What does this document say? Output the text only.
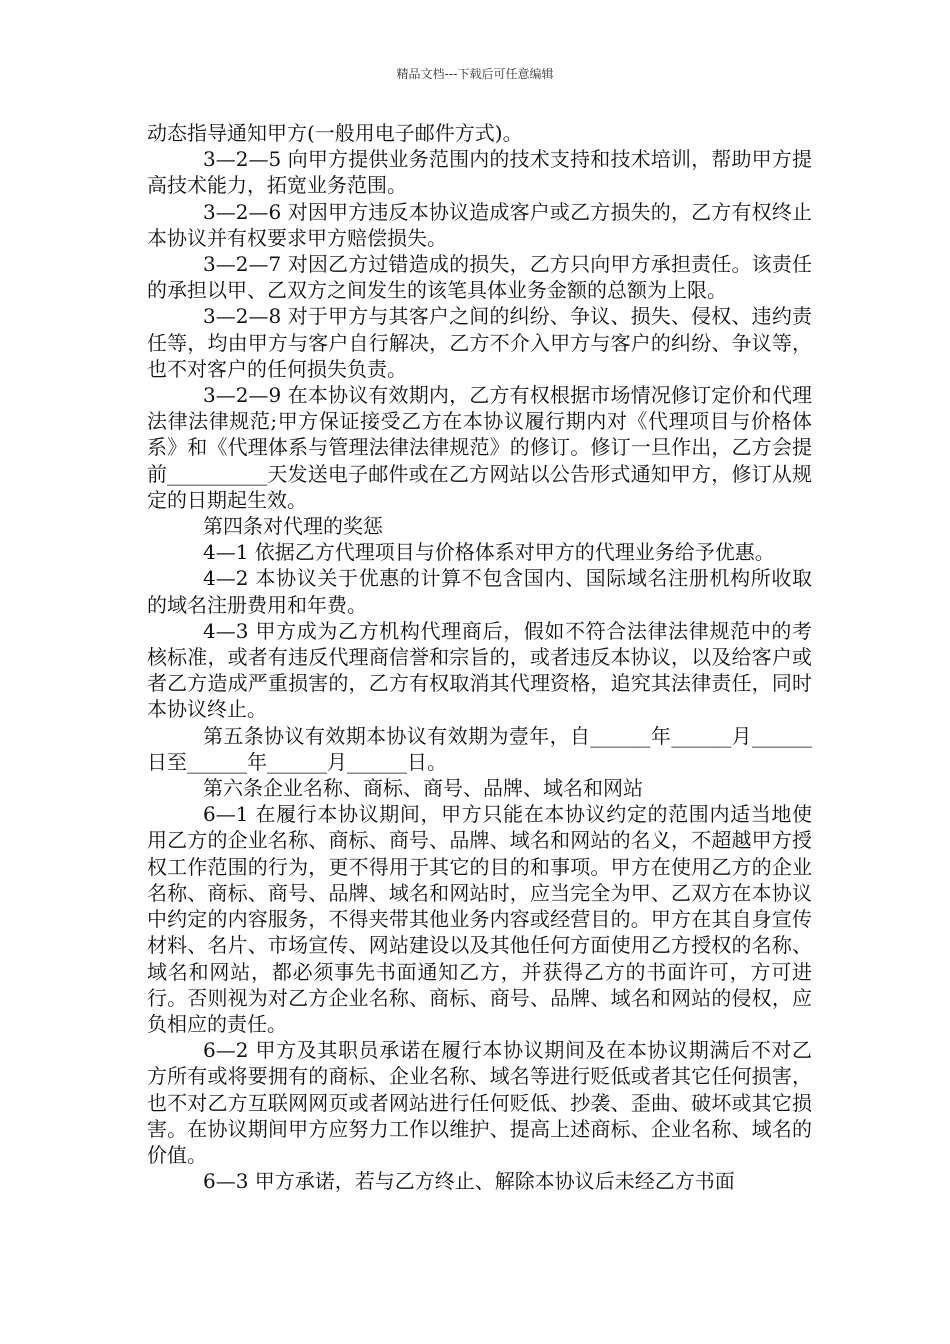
精品文档---下载后可任意编辑

动态指导通知甲方(一般用电子邮件方式)。

3—2—5 向甲方提供业务范围内的技术支持和技术培训，帮助甲方提高技术能力，拓宽业务范围。

3—2—6 对因甲方违反本协议造成客户或乙方损失的，乙方有权终止本协议并有权要求甲方赔偿损失。

3—2—7 对因乙方过错造成的损失，乙方只向甲方承担责任。该责任的承担以甲、乙双方之间发生的该笔具体业务金额的总额为上限。

3—2—8 对于甲方与其客户之间的纠纷、争议、损失、侵权、违约责任等，均由甲方与客户自行解决，乙方不介入甲方与客户的纠纷、争议等，也不对客户的任何损失负责。

3—2—9 在本协议有效期内，乙方有权根据市场情况修订定价和代理法律法律规范;甲方保证接受乙方在本协议履行期内对《代理项目与价格体系》和《代理体系与管理法律法律规范》的修订。修订一旦作出，乙方会提前__________天发送电子邮件或在乙方网站以公告形式通知甲方，修订从规定的日期起生效。

第四条对代理的奖惩

4—1 依据乙方代理项目与价格体系对甲方的代理业务给予优惠。

4—2 本协议关于优惠的计算不包含国内、国际域名注册机构所收取的域名注册费用和年费。

4—3 甲方成为乙方机构代理商后，假如不符合法律法律规范中的考核标准，或者有违反代理商信誉和宗旨的，或者违反本协议，以及给客户或者乙方造成严重损害的，乙方有权取消其代理资格，追究其法律责任，同时本协议终止。

第五条协议有效期本协议有效期为壹年，自______年______月______日至______年______月______日。

第六条企业名称、商标、商号、品牌、域名和网站

6—1 在履行本协议期间，甲方只能在本协议约定的范围内适当地使用乙方的企业名称、商标、商号、品牌、域名和网站的名义，不超越甲方授权工作范围的行为，更不得用于其它的目的和事项。甲方在使用乙方的企业名称、商标、商号、品牌、域名和网站时，应当完全为甲、乙双方在本协议中约定的内容服务，不得夹带其他业务内容或经营目的。甲方在其自身宣传材料、名片、市场宣传、网站建设以及其他任何方面使用乙方授权的名称、域名和网站，都必须事先书面通知乙方，并获得乙方的书面许可，方可进行。否则视为对乙方企业名称、商标、商号、品牌、域名和网站的侵权，应负相应的责任。

6—2 甲方及其职员承诺在履行本协议期间及在本协议期满后不对乙方所有或将要拥有的商标、企业名称、域名等进行贬低或者其它任何损害，也不对乙方互联网网页或者网站进行任何贬低、抄袭、歪曲、破坏或其它损害。在协议期间甲方应努力工作以维护、提高上述商标、企业名称、域名的价值。

6—3 甲方承诺，若与乙方终止、解除本协议后未经乙方书面
